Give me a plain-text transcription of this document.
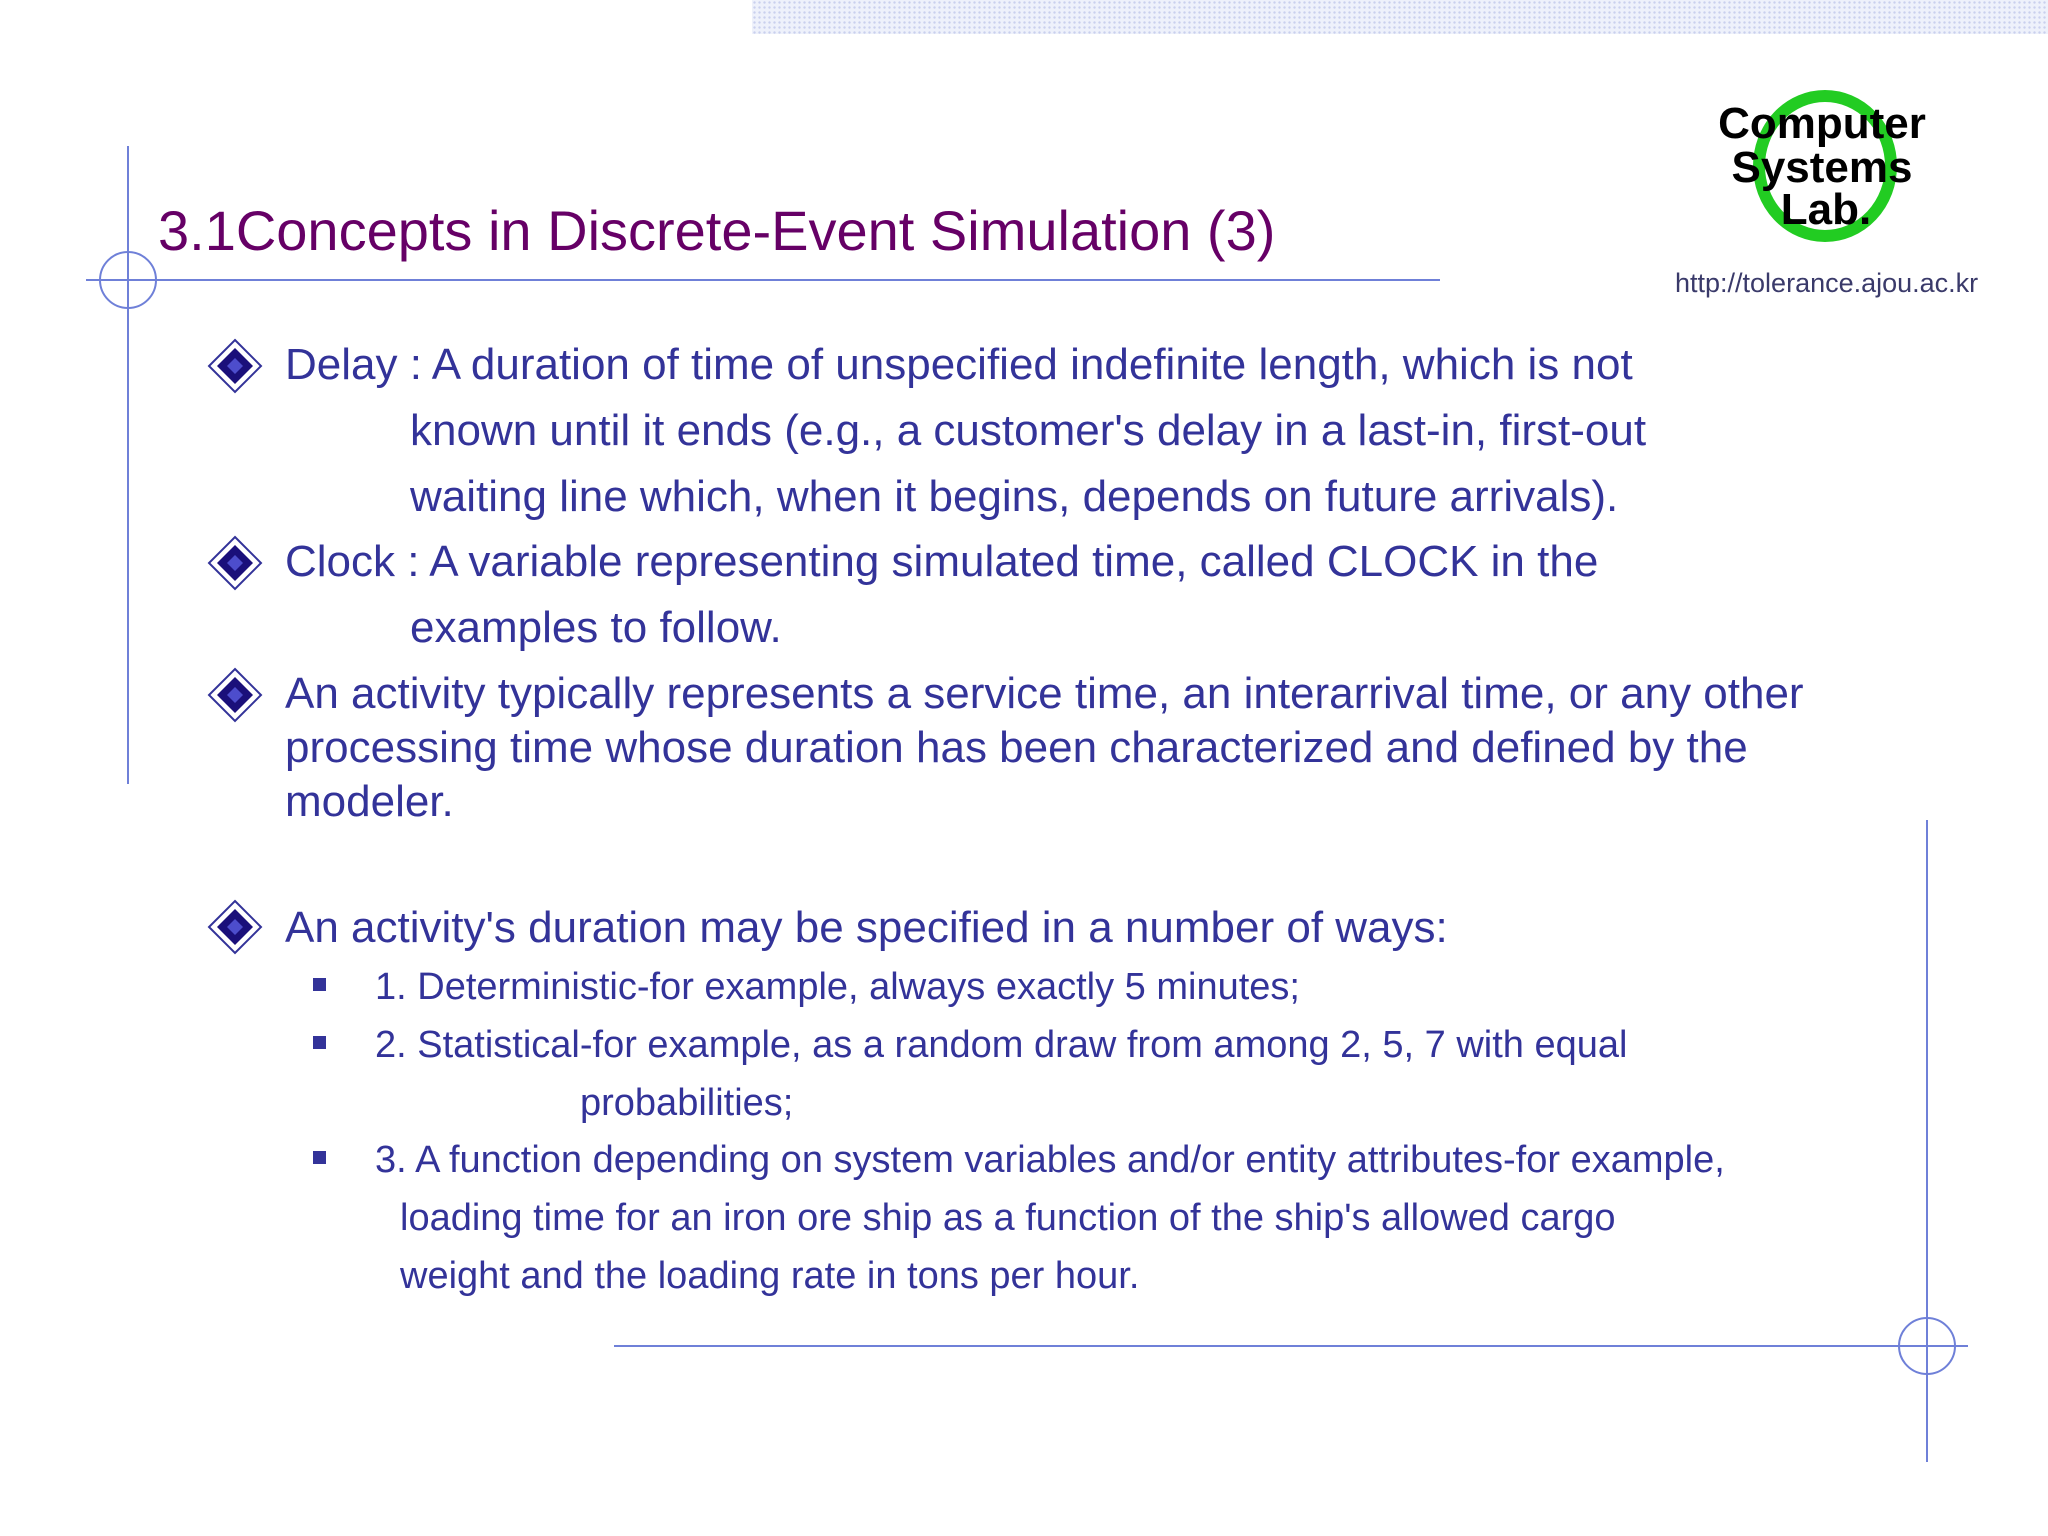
3.1Concepts in Discrete-Event Simulation (3)
Computer
Systems
Lab.
http://tolerance.ajou.ac.kr
Delay : A duration of time of unspecified indefinite length, which is not
known until it ends (e.g., a customer's delay in a last-in, first-out
waiting line which, when it begins, depends on future arrivals).
Clock : A variable representing simulated time, called CLOCK in the
examples to follow.
An activity typically represents a service time, an interarrival time, or any other
processing time whose duration has been characterized and defined by the
modeler.
An activity's duration may be specified in a number of ways:
1. Deterministic-for example, always exactly 5 minutes;
2. Statistical-for example, as a random draw from among 2, 5, 7 with equal
probabilities;
3. A function depending on system variables and/or entity attributes-for example,
loading time for an iron ore ship as a function of the ship's allowed cargo
weight and the loading rate in tons per hour.
